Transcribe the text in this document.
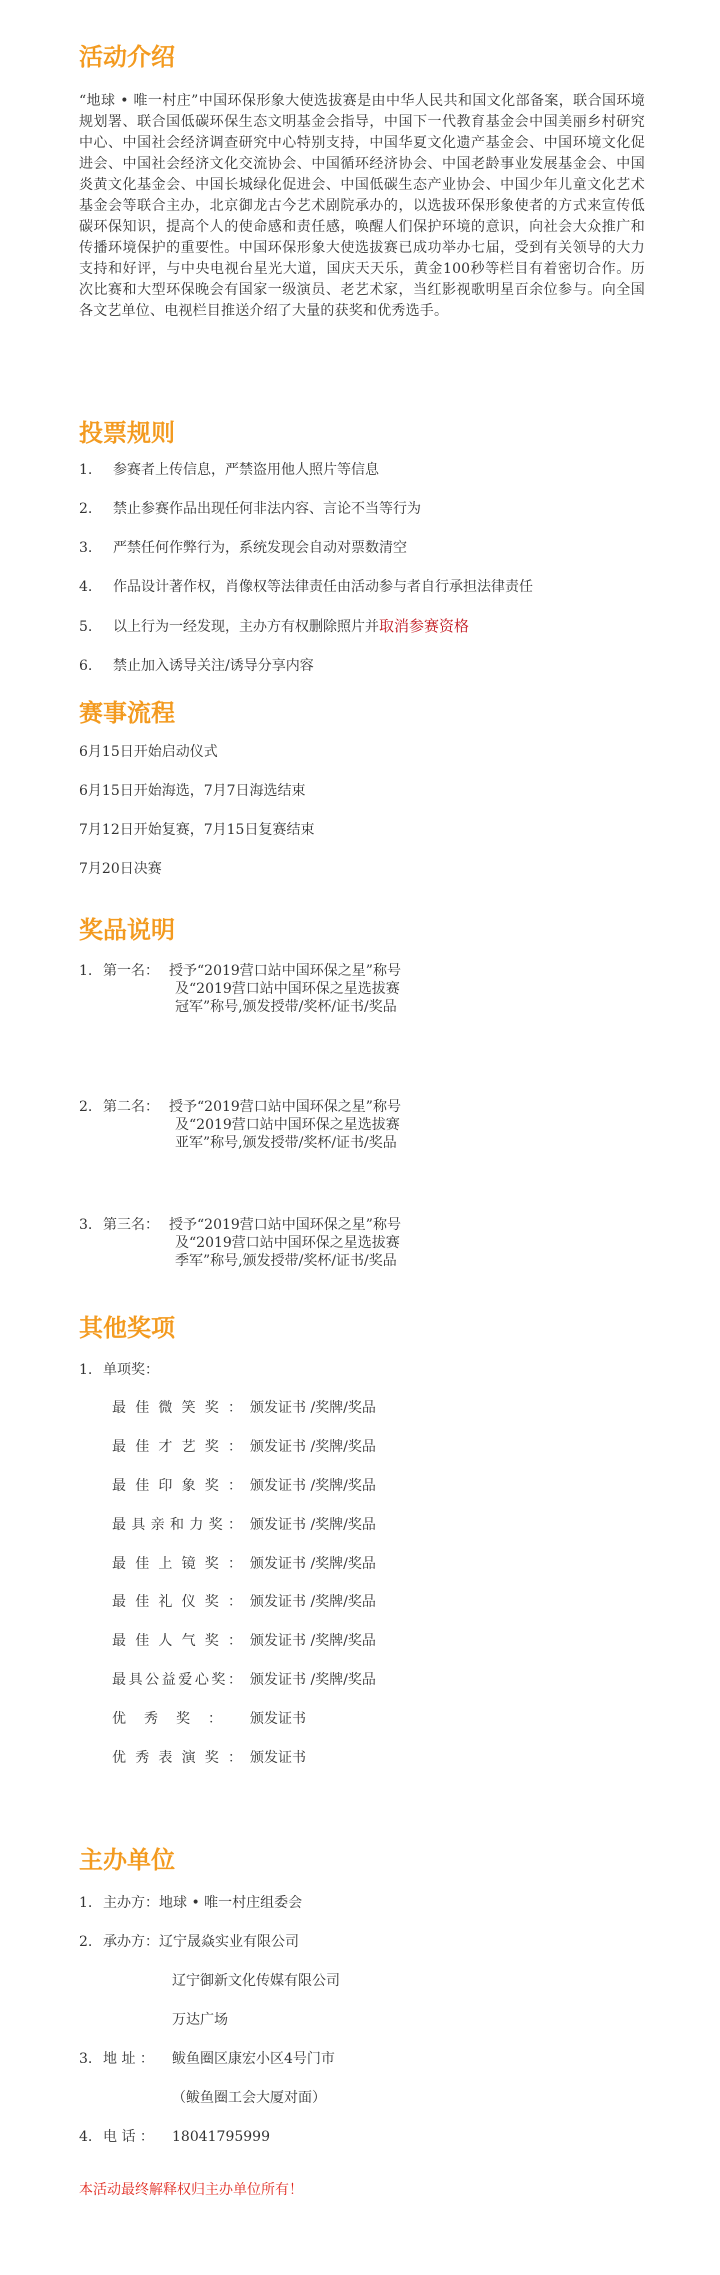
活动介绍

“地球 • 唯一村庄”中国环保形象大使选拔赛是由中华人民共和国文化部备案，联合国环境规划署、联合国低碳环保生态文明基金会指导，中国下一代教育基金会中国美丽乡村研究中心、中国社会经济调查研究中心特别支持，中国华夏文化遗产基金会、中国环境文化促进会、中国社会经济文化交流协会、中国循环经济协会、中国老龄事业发展基金会、中国炎黄文化基金会、中国长城绿化促进会、中国低碳生态产业协会、中国少年儿童文化艺术基金会等联合主办，北京御龙古今艺术剧院承办的，以选拔环保形象使者的方式来宣传低碳环保知识，提高个人的使命感和责任感，唤醒人们保护环境的意识，向社会大众推广和传播环境保护的重要性。中国环保形象大使选拔赛已成功举办七届，受到有关领导的大力支持和好评，与中央电视台星光大道，国庆天天乐，黄金100秒等栏目有着密切合作。历次比赛和大型环保晚会有国家一级演员、老艺术家，当红影视歌明星百余位参与。向全国各文艺单位、电视栏目推送介绍了大量的获奖和优秀选手。

投票规则

1. 参赛者上传信息，严禁盗用他人照片等信息

2. 禁止参赛作品出现任何非法内容、言论不当等行为

3. 严禁任何作弊行为，系统发现会自动对票数清空

4. 作品设计著作权，肖像权等法律责任由活动参与者自行承担法律责任

5. 以上行为一经发现，主办方有权删除照片并取消参赛资格

6. 禁止加入诱导关注/诱导分享内容

赛事流程

6月15日开始启动仪式

6月15日开始海选，7月7日海选结束

7月12日开始复赛，7月15日复赛结束

7月20日决赛

奖品说明
1. 第一名： 授予“2019营口站中国环保之星”称号
及“2019营口站中国环保之星选拔赛
冠军”称号,颁发授带/奖杯/证书/奖品
2. 第二名： 授予“2019营口站中国环保之星”称号
及“2019营口站中国环保之星选拔赛
亚军”称号,颁发授带/奖杯/证书/奖品
3. 第三名： 授予“2019营口站中国环保之星”称号
及“2019营口站中国环保之星选拔赛
季军”称号,颁发授带/奖杯/证书/奖品
其他奖项

1. 单项奖：

最佳微笑奖： 颁发证书 /奖牌/奖品

最佳才艺奖： 颁发证书 /奖牌/奖品

最佳印象奖： 颁发证书 /奖牌/奖品

最具亲和力奖： 颁发证书 /奖牌/奖品

最佳上镜奖： 颁发证书 /奖牌/奖品

最佳礼仪奖： 颁发证书 /奖牌/奖品

最佳人气奖： 颁发证书 /奖牌/奖品

最具公益爱心奖： 颁发证书 /奖牌/奖品

优秀奖： 颁发证书

优秀表演奖： 颁发证书

主办单位

1. 主办方：地球 • 唯一村庄组委会

2. 承办方：辽宁晟焱实业有限公司

辽宁御新文化传媒有限公司

万达广场

3. 地 址 ： 鲅鱼圈区康宏小区4号门市

（鲅鱼圈工会大厦对面）

4. 电 话 ： 18041795999

本活动最终解释权归主办单位所有！
